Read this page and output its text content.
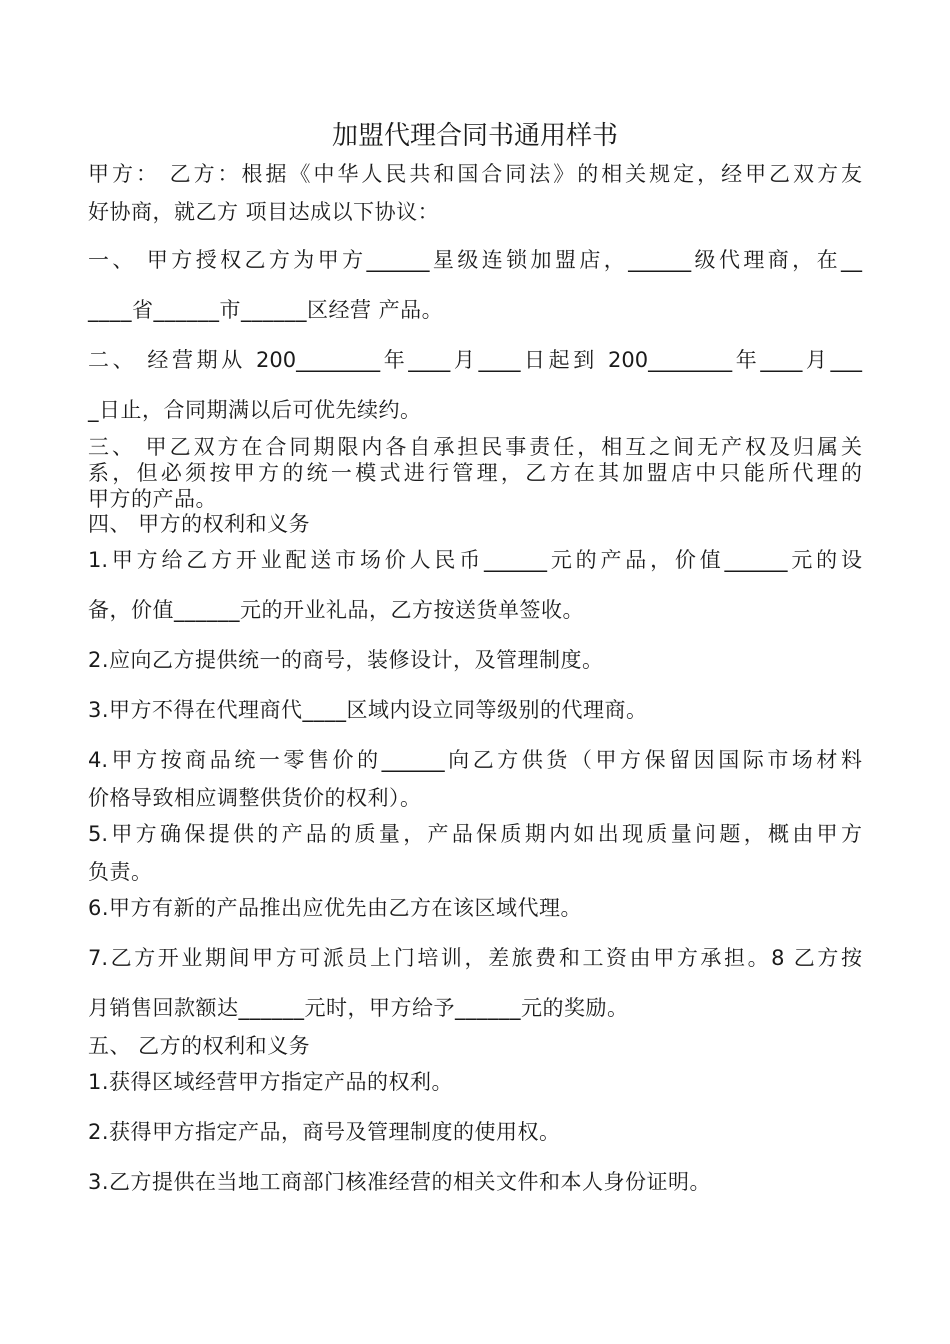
加盟代理合同书通用样书
甲方： 乙方：根据《中华人民共和国合同法》的相关规定，经甲乙双方友
好协商，就乙方 项目达成以下协议：
一、 甲方授权乙方为甲方______星级连锁加盟店，______级代理商，在__
____省______市______区经营 产品。
二、 经营期从 200________年____月____日起到 200________年____月___
_日止，合同期满以后可优先续约。
三、 甲乙双方在合同期限内各自承担民事责任，相互之间无产权及归属关
系，但必须按甲方的统一模式进行管理，乙方在其加盟店中只能所代理的
甲方的产品。
四、 甲方的权利和义务
1.甲方给乙方开业配送市场价人民币______元的产品，价值______元的设
备，价值______元的开业礼品，乙方按送货单签收。
2.应向乙方提供统一的商号，装修设计，及管理制度。
3.甲方不得在代理商代____区域内设立同等级别的代理商。
4.甲方按商品统一零售价的______向乙方供货（甲方保留因国际市场材料
价格导致相应调整供货价的权利）。
5.甲方确保提供的产品的质量，产品保质期内如出现质量问题，概由甲方
负责。
6.甲方有新的产品推出应优先由乙方在该区域代理。
7.乙方开业期间甲方可派员上门培训，差旅费和工资由甲方承担。8 乙方按
月销售回款额达______元时，甲方给予______元的奖励。
五、 乙方的权利和义务
1.获得区域经营甲方指定产品的权利。
2.获得甲方指定产品，商号及管理制度的使用权。
3.乙方提供在当地工商部门核准经营的相关文件和本人身份证明。
